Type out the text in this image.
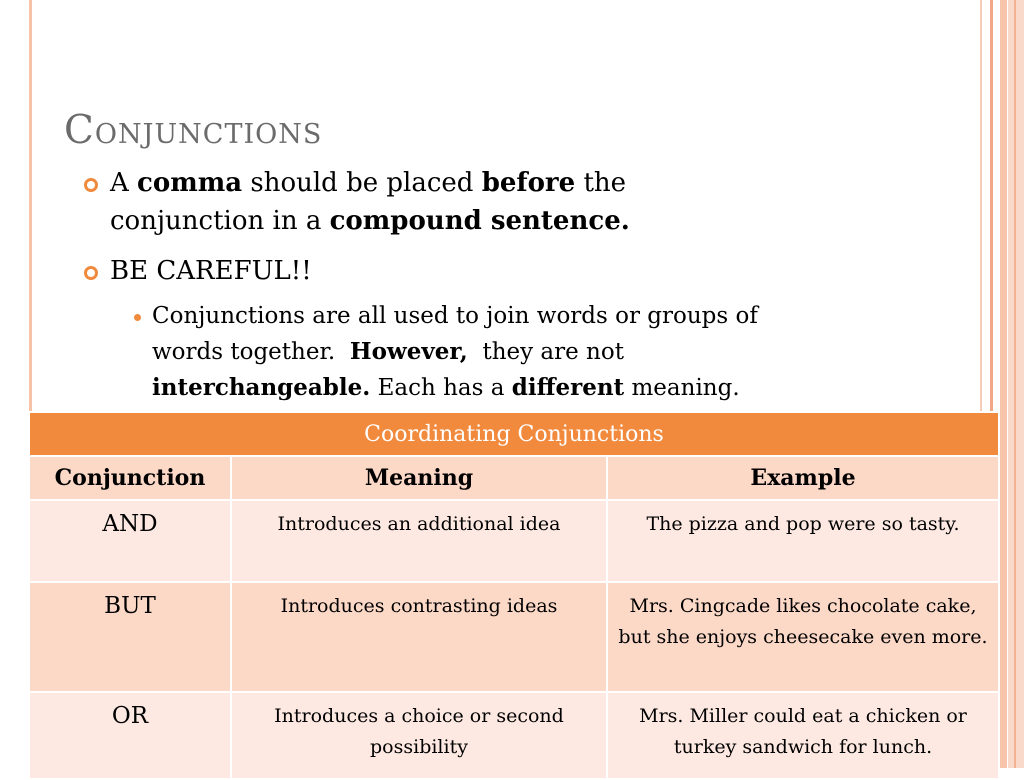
Conjunctions
A comma should be placed before the
conjunction in a compound sentence.
BE CAREFUL!!
Conjunctions are all used to join words or groups of
words together.  However,  they are not
interchangeable. Each has a different meaning.
Coordinating Conjunctions		
Conjunction	Meaning	Example
AND	Introduces an additional idea	The pizza and pop were so tasty.
BUT	Introduces contrasting ideas	Mrs. Cingcade likes chocolate cake, but she enjoys cheesecake even more.
OR	Introduces a choice or second possibility	Mrs. Miller could eat a chicken or turkey sandwich for lunch.
